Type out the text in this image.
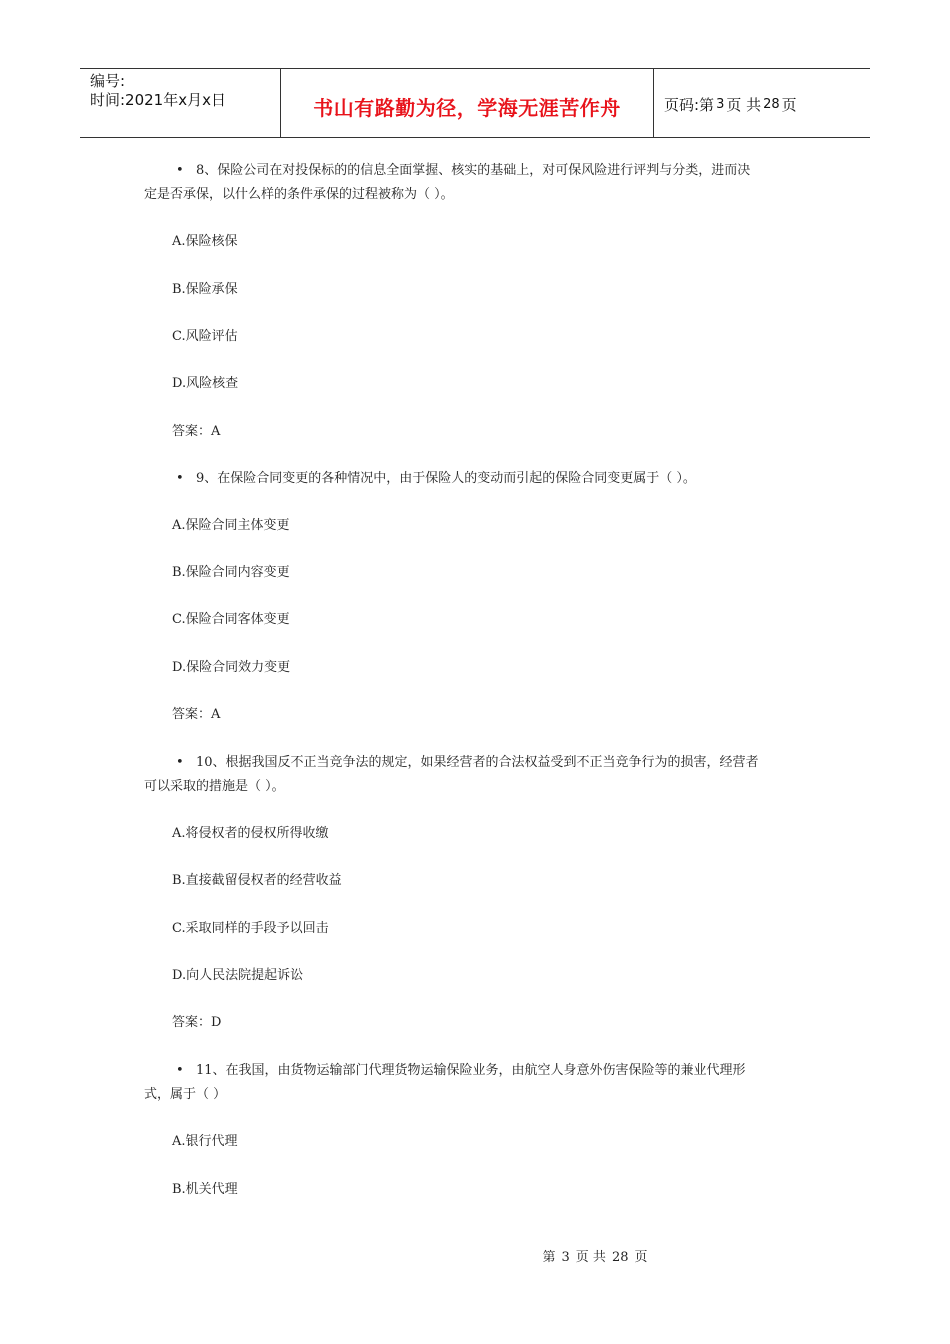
编号:
时间:2021年x月x日	书山有路勤为径，学海无涯苦作舟	页码:第 3 页 共 28 页
• 8、保险公司在对投保标的的信息全面掌握、核实的基础上，对可保风险进行评判与分类，进而决
定是否承保，以什么样的条件承保的过程被称为（ ）。
A.保险核保
B.保险承保
C.风险评估
D.风险核查
答案：A
• 9、在保险合同变更的各种情况中，由于保险人的变动而引起的保险合同变更属于（ ）。
A.保险合同主体变更
B.保险合同内容变更
C.保险合同客体变更
D.保险合同效力变更
答案：A
• 10、根据我国反不正当竞争法的规定，如果经营者的合法权益受到不正当竞争行为的损害，经营者
可以采取的措施是（ ）。
A.将侵权者的侵权所得收缴
B.直接截留侵权者的经营收益
C.采取同样的手段予以回击
D.向人民法院提起诉讼
答案：D
• 11、在我国，由货物运输部门代理货物运输保险业务，由航空人身意外伤害保险等的兼业代理形
式，属于（ ）
A.银行代理
B.机关代理
第 3 页 共 28 页
